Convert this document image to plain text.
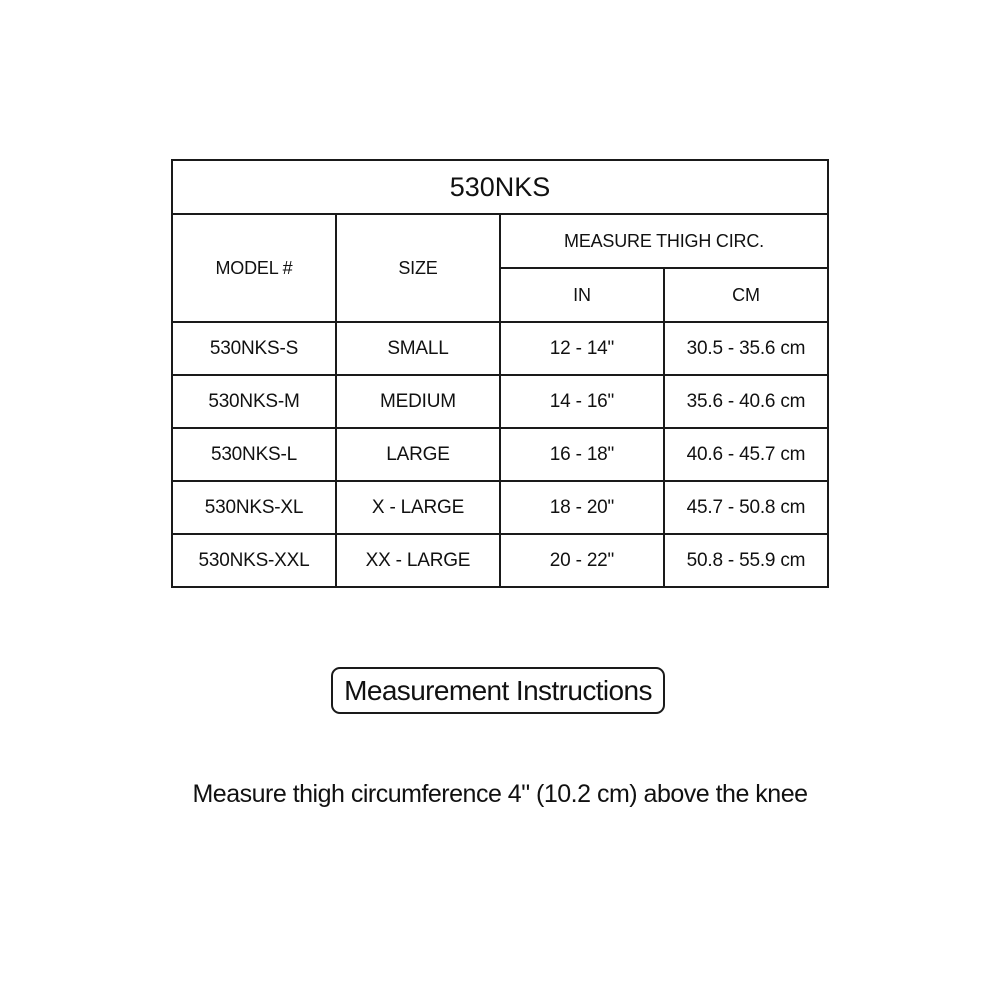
530NKS			
MODEL #	SIZE	MEASURE THIGH CIRC.	
		IN	CM
530NKS-S	SMALL	12 - 14"	30.5 - 35.6 cm
530NKS-M	MEDIUM	14 - 16"	35.6 - 40.6 cm
530NKS-L	LARGE	16 - 18"	40.6 - 45.7 cm
530NKS-XL	X - LARGE	18 - 20"	45.7 - 50.8 cm
530NKS-XXL	XX - LARGE	20 - 22"	50.8 - 55.9 cm
Measurement Instructions
Measure thigh circumference 4" (10.2 cm) above the knee
